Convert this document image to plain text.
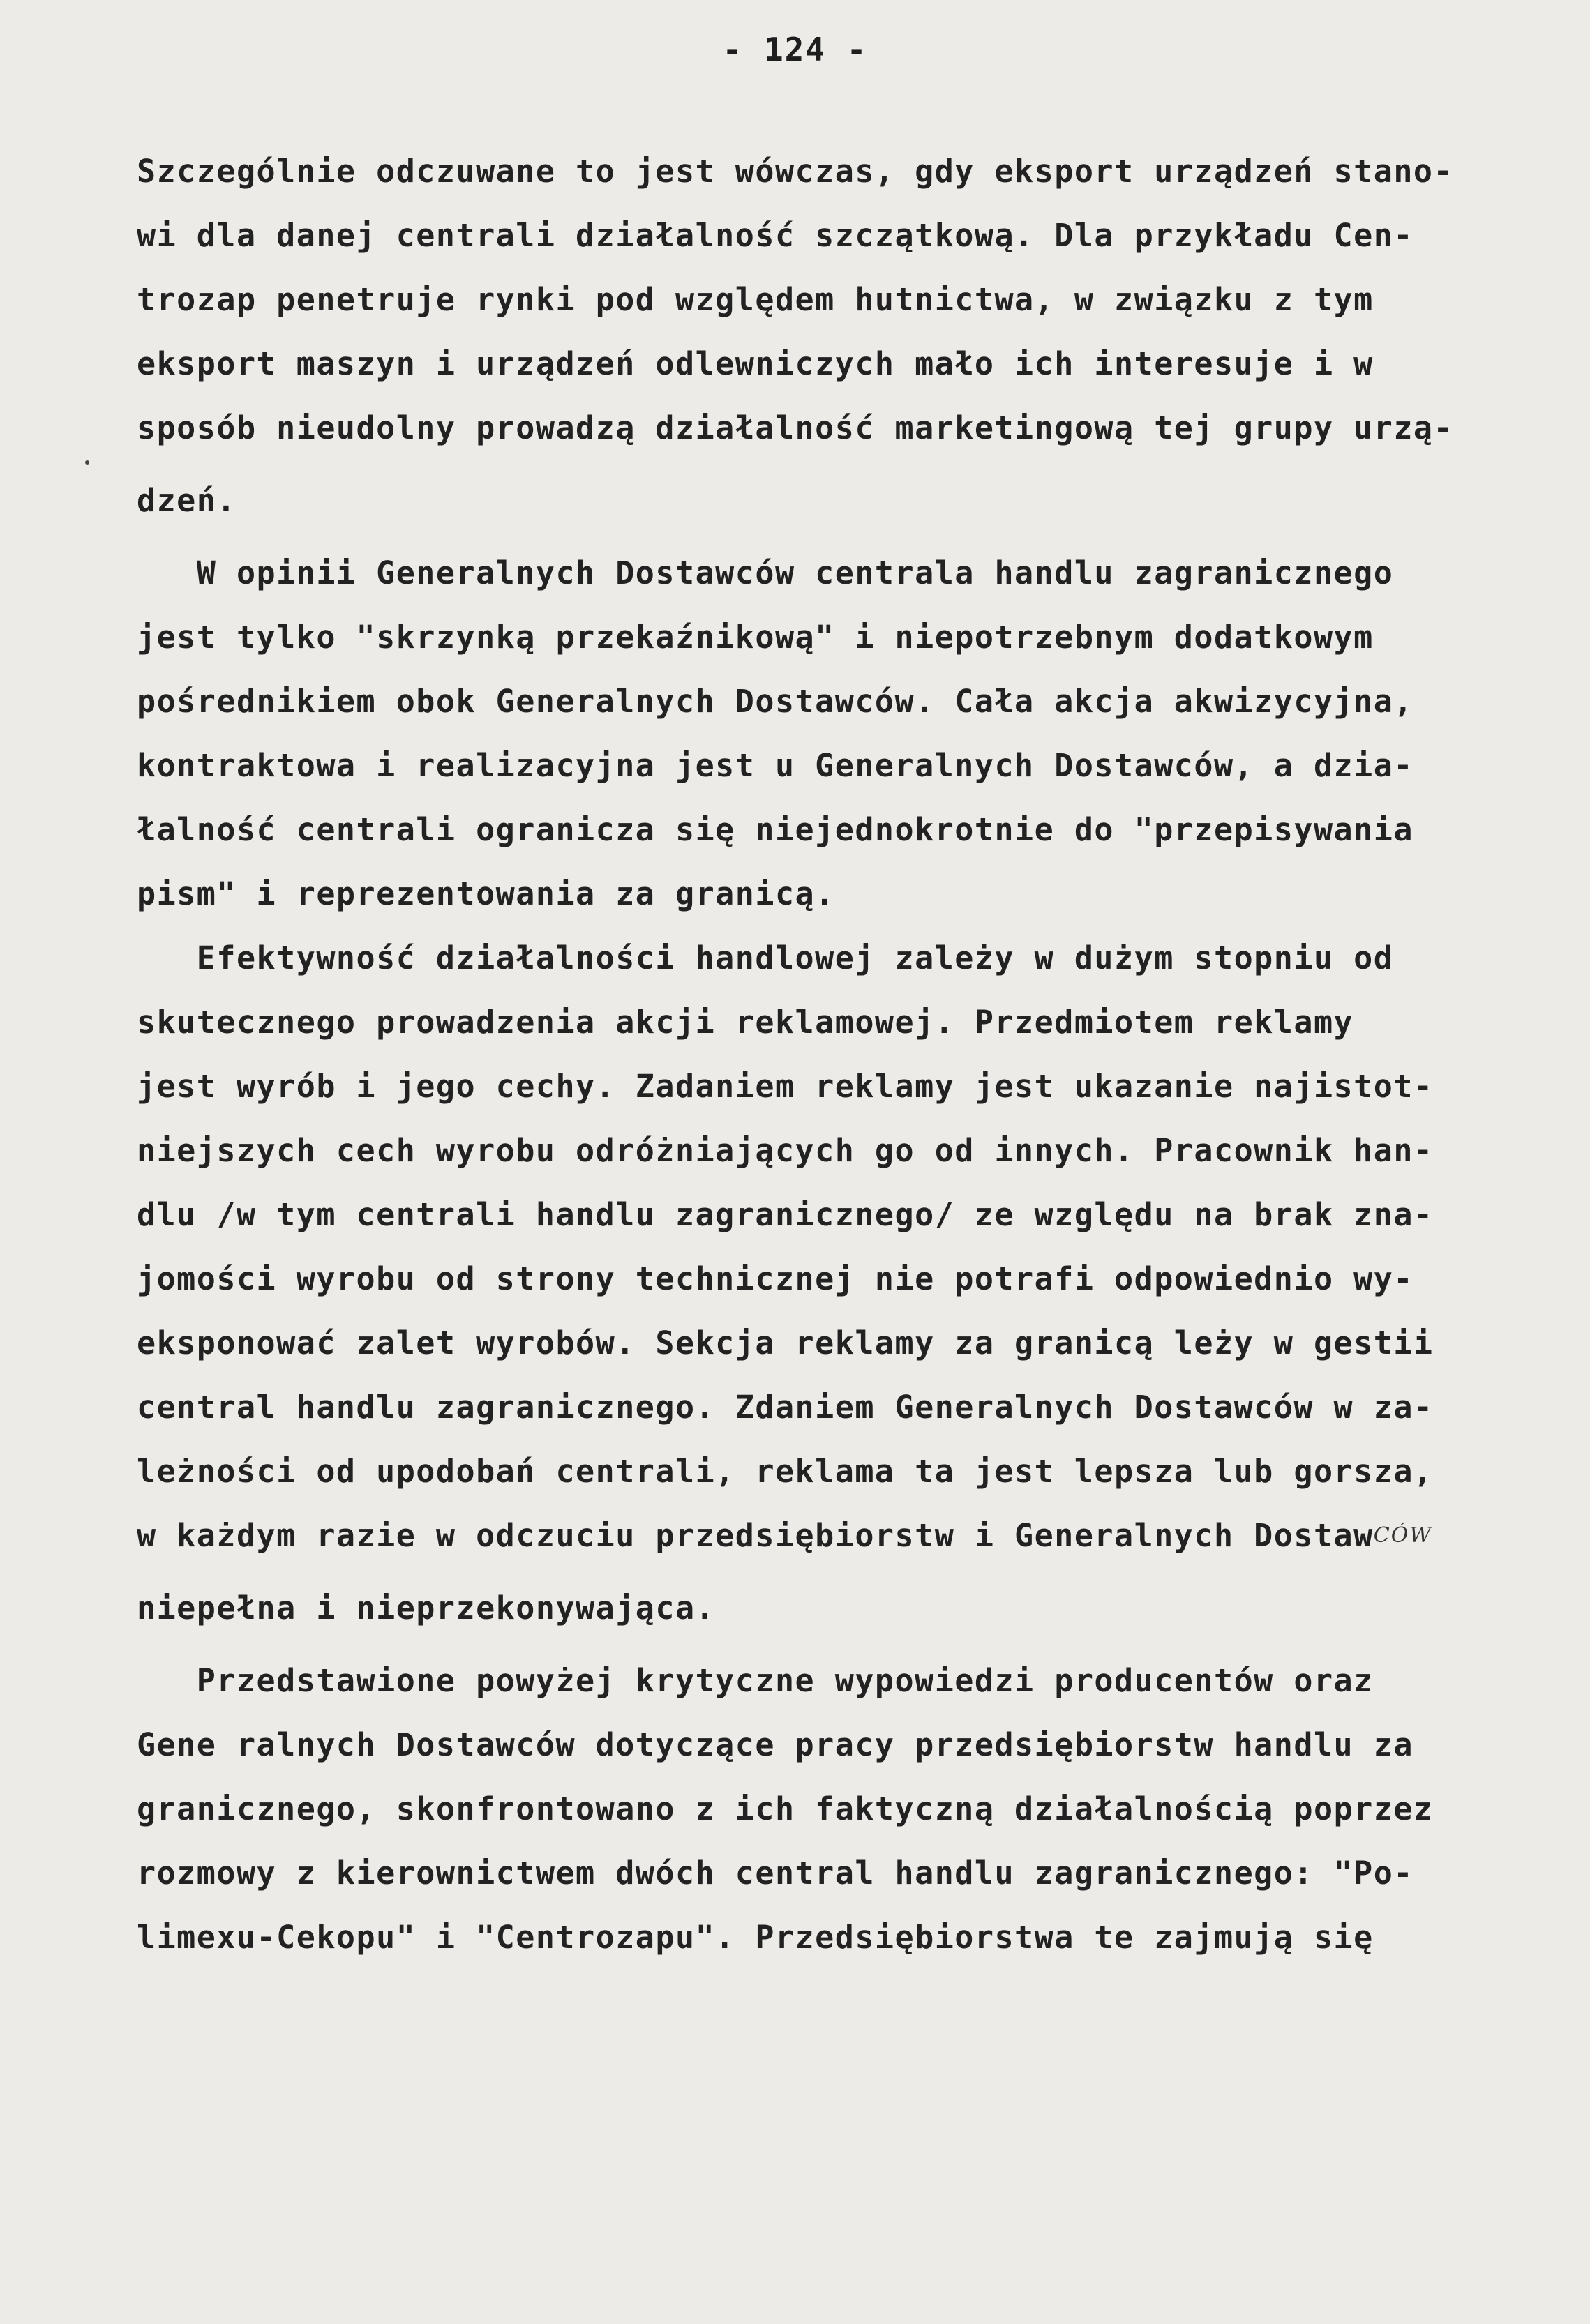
- 124 -
Szczególnie odczuwane to jest wówczas, gdy eksport urządzeń stano-
wi dla danej centrali działalność szczątkową. Dla przykładu Cen-
trozap penetruje rynki pod względem hutnictwa, w związku z tym
eksport maszyn i urządzeń odlewniczych mało ich interesuje i w
sposób nieudolny prowadzą działalność marketingową tej grupy urzą-
dzeń.
W opinii Generalnych Dostawców centrala handlu zagranicznego
jest tylko "skrzynką przekaźnikową" i niepotrzebnym dodatkowym
pośrednikiem obok Generalnych Dostawców. Cała akcja akwizycyjna,
kontraktowa i realizacyjna jest u Generalnych Dostawców, a dzia-
łalność centrali ogranicza się niejednokrotnie do "przepisywania
pism" i reprezentowania za granicą.
Efektywność działalności handlowej zależy w dużym stopniu od
skutecznego prowadzenia akcji reklamowej. Przedmiotem reklamy
jest wyrób i jego cechy. Zadaniem reklamy jest ukazanie najistot-
niejszych cech wyrobu odróżniających go od innych. Pracownik han-
dlu /w tym centrali handlu zagranicznego/ ze względu na brak zna-
jomości wyrobu od strony technicznej nie potrafi odpowiednio wy-
eksponować zalet wyrobów. Sekcja reklamy za granicą leży w gestii
central handlu zagranicznego. Zdaniem Generalnych Dostawców w za-
leżności od upodobań centrali, reklama ta jest lepsza lub gorsza,
w każdym razie w odczuciu przedsiębiorstw i Generalnych DostawCÓW
niepełna i nieprzekonywająca.
Przedstawione powyżej krytyczne wypowiedzi producentów oraz
Gene ralnych Dostawców dotyczące pracy przedsiębiorstw handlu za
granicznego, skonfrontowano z ich faktyczną działalnością poprzez
rozmowy z kierownictwem dwóch central handlu zagranicznego: "Po-
limexu-Cekopu" i "Centrozapu". Przedsiębiorstwa te zajmują się
